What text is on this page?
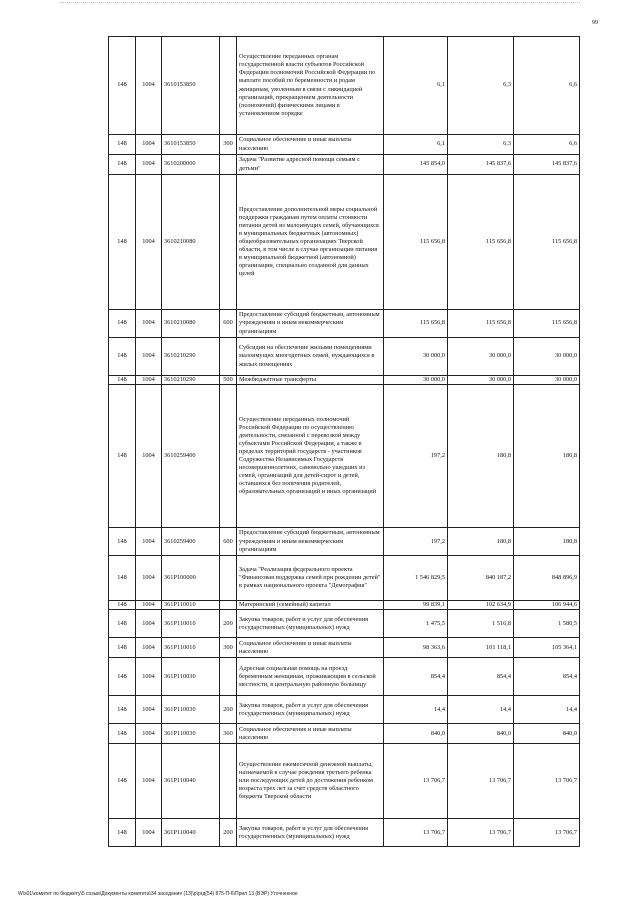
99
148	1004	3610153850		Осуществление переданных органам государственной власти субъектов Российской Федерации полномочий Российской Федерации по выплате пособий по беременности и родам женщинам, уволенным в связи с ликвидацией организаций, прекращением деятельности (полномочий) физическими лицами в установленном порядке	6,1	6,3	6,6
148	1004	3610153850	300	Социальное обеспечение и иные выплаты населению	6,1	6,3	6,6
148	1004	3610200000		Задача "Развитие адресной помощи семьям с детьми"	145 854,0	145 837,6	145 837,6
148	1004	3610210080		Предоставление дополнительной меры социальной поддержки гражданам путем оплаты стоимости питания детей из малоимущих семей, обучающихся в муниципальных бюджетных (автономных) общеобразовательных организациях Тверской области, в том числе в случае организации питания в муниципальной бюджетной (автономной) организации, специально созданной для данных целей	115 656,8	115 656,8	115 656,8
148	1004	3610210080	600	Предоставление субсидий бюджетным, автономным учреждениям и иным некоммерческим организациям	115 656,8	115 656,8	115 656,8
148	1004	3610210290		Субсидии на обеспечение жилыми помещениями малоимущих многодетных семей, нуждающихся в жилых помещениях	30 000,0	30 000,0	30 000,0
148	1004	3610210290	500	Межбюджетные трансферты	30 000,0	30 000,0	30 000,0
148	1004	3610259400		Осуществление переданных полномочий Российской Федерации по осуществлению деятельности, связанной с перевозкой между субъектами Российской Федерации, а также в пределах территорий государств - участников Содружества Независимых Государств несовершеннолетних, самовольно ушедших из семей, организаций для детей-сирот и детей, оставшихся без попечения родителей, образовательных организаций и иных организаций	197,2	180,8	180,8
148	1004	3610259400	600	Предоставление субсидий бюджетным, автономным учреждениям и иным некоммерческим организациям	197,2	180,8	180,8
148	1004	361P100000		Задача "Реализация федерального проекта "Финансовая поддержка семей при рождении детей" в рамках национального проекта "Демография"	1 546 829,5	840 187,2	848 896,9
148	1004	361P110010		Материнский (семейный) капитал	99 839,1	102 634,9	106 944,6
148	1004	361P110010	200	Закупка товаров, работ и услуг для обеспечения государственных (муниципальных) нужд	1 475,5	1 516,8	1 580,5
148	1004	361P110010	300	Социальное обеспечение и иные выплаты населению	98 363,6	101 118,1	105 364,1
148	1004	361P110030		Адресная социальная помощь на проезд беременным женщинам, проживающим в сельской местности, в центральную районную больницу	854,4	854,4	854,4
148	1004	361P110030	200	Закупка товаров, работ и услуг для обеспечения государственных (муниципальных) нужд	14,4	14,4	14,4
148	1004	361P110030	300	Социальное обеспечение и иные выплаты населению	840,0	840,0	840,0
148	1004	361P110040		Осуществление ежемесячной денежной выплаты, назначаемой в случае рождения третьего ребенка или последующих детей до достижения ребенком возраста трех лет за счет средств областного бюджета Тверской области	13 706,7	13 706,7	13 706,7
148	1004	361P110040	200	Закупка товаров, работ и услуг для обеспечения государственных (муниципальных) нужд	13 706,7	13 706,7	13 706,7
W\s01\комитет по бюджету\5 созыв\Документы комитета\34 заседание (13)\р\ргд(54) 875-П-6\Прил 13 (ВЭР) Уточненное
